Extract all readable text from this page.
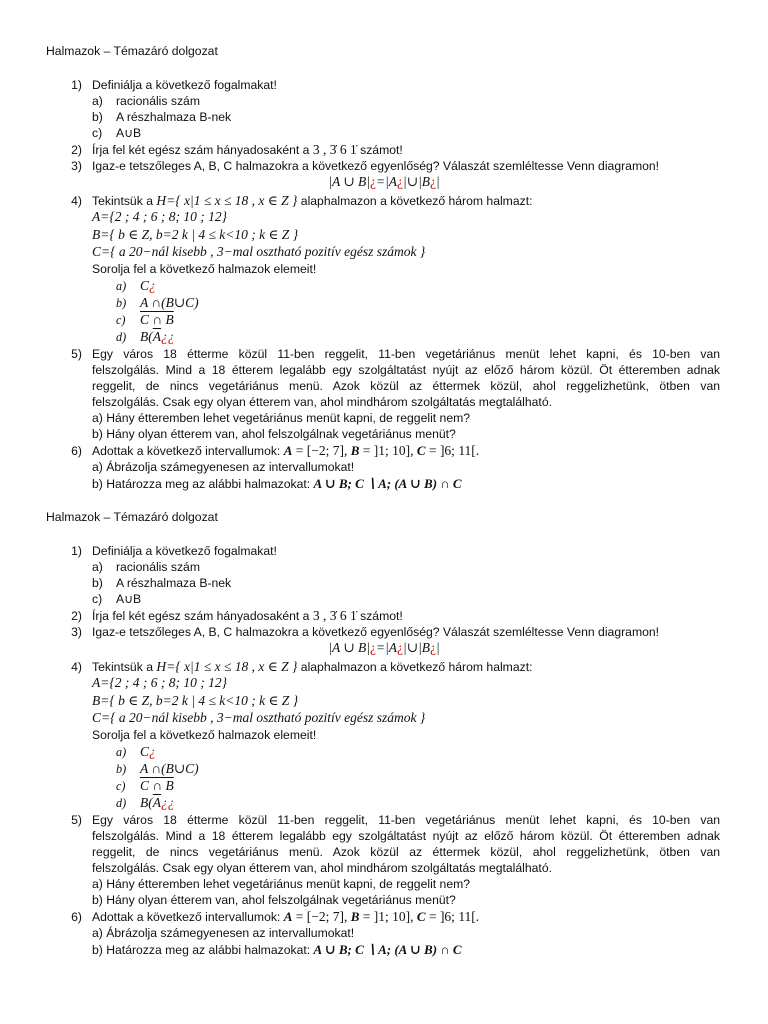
Halmazok – Témazáró dolgozat
1) Definiálja a következő fogalmakat!
a)	racionális szám
b)	A részhalmaza B-nek
c)	A∪B
2) Írja fel két egész szám hányadosaként a 3 , 3̇ 6 1̇ számot!
3) Igaz-e tetszőleges A, B, C halmazokra a következő egyenlőség? Válaszát szemléltesse Venn diagramon!
|A ∪ B|¿=|A¿|∪|B¿|
4) Tekintsük a H={ x|1 ≤ x ≤ 18 , x ∈ Z } alaphalmazon a következő három halmazt:
A={2 ; 4 ; 6 ; 8; 10 ; 12}
B={ b ∈ Z, b=2 k | 4 ≤ k<10 ; k ∈ Z }
C={ a 20−nál kisebb , 3−mal osztható pozitív egész számok }
Sorolja fel a következő halmazok elemeit!
a)	C¿
b)	A ∩(B∪C)
c)	C ∩ B
d)	$B(\overline{A}¿¿$
5) Egy város 18 étterme közül 11-ben reggelit, 11-ben vegetáriánus menüt lehet kapni, és 10-ben van
felszolgálás. Mind a 18 étterem legalább egy szolgáltatást nyújt az előző három közül. Öt étteremben adnak
reggelit, de nincs vegetáriánus menü. Azok közül az éttermek közül, ahol reggelizhetünk, ötben van
felszolgálás. Csak egy olyan étterem van, ahol mindhárom szolgáltatás megtalálható.
a) Hány étteremben lehet vegetáriánus menüt kapni, de reggelit nem?
b) Hány olyan étterem van, ahol felszolgálnak vegetáriánus menüt?
6) Adottak a következő intervallumok: A = [−2; 7], B = ]1; 10], C = ]6; 11[.
a) Ábrázolja számegyenesen az intervallumokat!
b) Határozza meg az alábbi halmazokat: A ∪ B; C ∖ A; (A ∪ B) ∩ C
Halmazok – Témazáró dolgozat
1) Definiálja a következő fogalmakat!
a)	racionális szám
b)	A részhalmaza B-nek
c)	A∪B
2) Írja fel két egész szám hányadosaként a 3 , 3̇ 6 1̇ számot!
3) Igaz-e tetszőleges A, B, C halmazokra a következő egyenlőség? Válaszát szemléltesse Venn diagramon!
|A ∪ B|¿=|A¿|∪|B¿|
4) Tekintsük a H={ x|1 ≤ x ≤ 18 , x ∈ Z } alaphalmazon a következő három halmazt:
A={2 ; 4 ; 6 ; 8; 10 ; 12}
B={ b ∈ Z, b=2 k | 4 ≤ k<10 ; k ∈ Z }
C={ a 20−nál kisebb , 3−mal osztható pozitív egész számok }
Sorolja fel a következő halmazok elemeit!
a)	C¿
b)	A ∩(B∪C)
c)	C ∩ B
d)	$B(\overline{A}¿¿$
5) Egy város 18 étterme közül 11-ben reggelit, 11-ben vegetáriánus menüt lehet kapni, és 10-ben van
felszolgálás. Mind a 18 étterem legalább egy szolgáltatást nyújt az előző három közül. Öt étteremben adnak
reggelit, de nincs vegetáriánus menü. Azok közül az éttermek közül, ahol reggelizhetünk, ötben van
felszolgálás. Csak egy olyan étterem van, ahol mindhárom szolgáltatás megtalálható.
a) Hány étteremben lehet vegetáriánus menüt kapni, de reggelit nem?
b) Hány olyan étterem van, ahol felszolgálnak vegetáriánus menüt?
6) Adottak a következő intervallumok: A = [−2; 7], B = ]1; 10], C = ]6; 11[.
a) Ábrázolja számegyenesen az intervallumokat!
b) Határozza meg az alábbi halmazokat: A ∪ B; C ∖ A; (A ∪ B) ∩ C
